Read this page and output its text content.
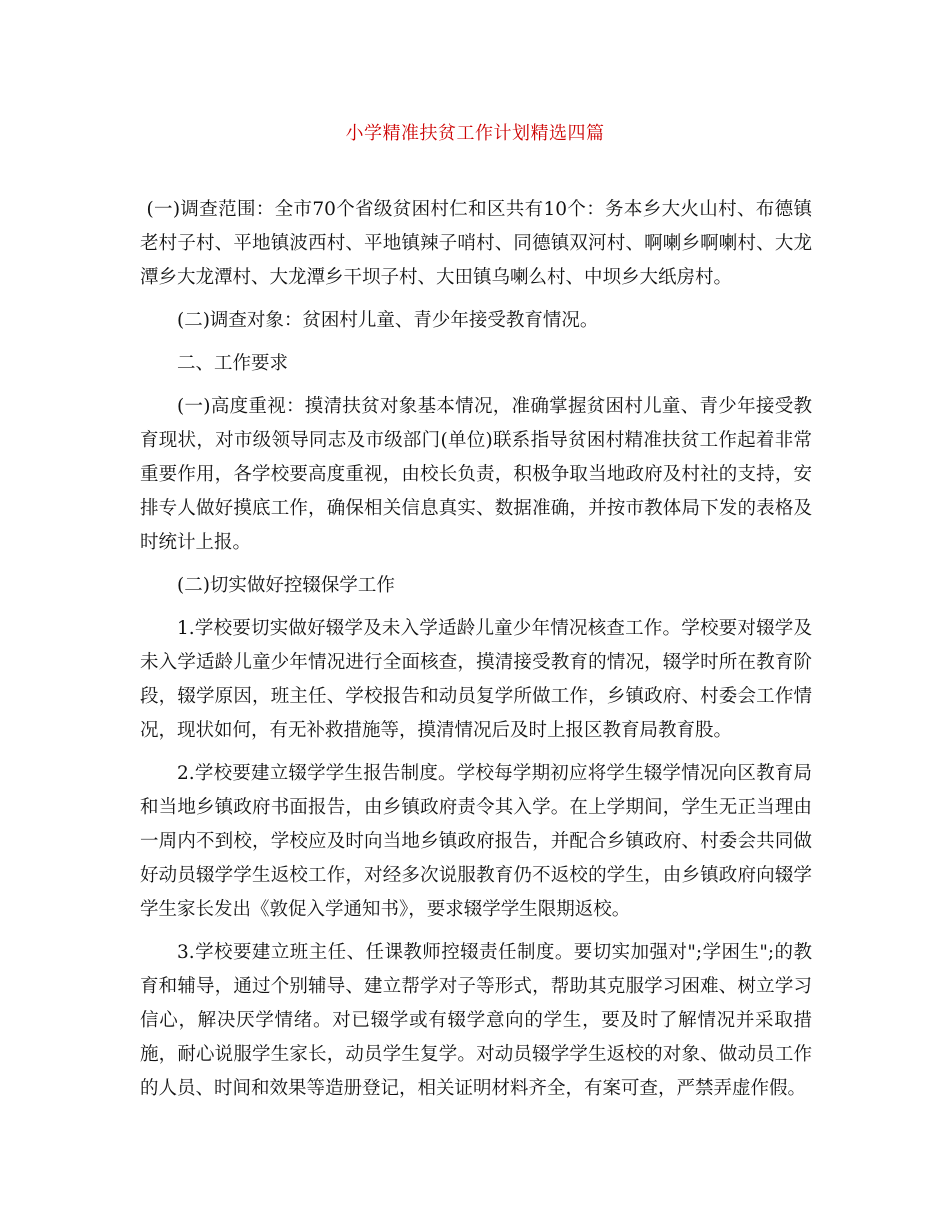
小学精准扶贫工作计划精选四篇

(一)调查范围：全市70个省级贫困村仁和区共有10个：务本乡大火山村、布德镇老村子村、平地镇波西村、平地镇辣子哨村、同德镇双河村、啊喇乡啊喇村、大龙潭乡大龙潭村、大龙潭乡干坝子村、大田镇乌喇么村、中坝乡大纸房村。

(二)调查对象：贫困村儿童、青少年接受教育情况。

二、工作要求

(一)高度重视：摸清扶贫对象基本情况，准确掌握贫困村儿童、青少年接受教育现状，对市级领导同志及市级部门(单位)联系指导贫困村精准扶贫工作起着非常重要作用，各学校要高度重视，由校长负责，积极争取当地政府及村社的支持，安排专人做好摸底工作，确保相关信息真实、数据准确，并按市教体局下发的表格及时统计上报。

(二)切实做好控辍保学工作

1.学校要切实做好辍学及未入学适龄儿童少年情况核查工作。学校要对辍学及未入学适龄儿童少年情况进行全面核查，摸清接受教育的情况，辍学时所在教育阶段，辍学原因，班主任、学校报告和动员复学所做工作，乡镇政府、村委会工作情况，现状如何，有无补救措施等，摸清情况后及时上报区教育局教育股。

2.学校要建立辍学学生报告制度。学校每学期初应将学生辍学情况向区教育局和当地乡镇政府书面报告，由乡镇政府责令其入学。在上学期间，学生无正当理由一周内不到校，学校应及时向当地乡镇政府报告，并配合乡镇政府、村委会共同做好动员辍学学生返校工作，对经多次说服教育仍不返校的学生，由乡镇政府向辍学学生家长发出《敦促入学通知书》，要求辍学学生限期返校。

3.学校要建立班主任、任课教师控辍责任制度。要切实加强对";学困生";的教育和辅导，通过个别辅导、建立帮学对子等形式，帮助其克服学习困难、树立学习信心，解决厌学情绪。对已辍学或有辍学意向的学生，要及时了解情况并采取措施，耐心说服学生家长，动员学生复学。对动员辍学学生返校的对象、做动员工作的人员、时间和效果等造册登记，相关证明材料齐全，有案可查，严禁弄虚作假。
